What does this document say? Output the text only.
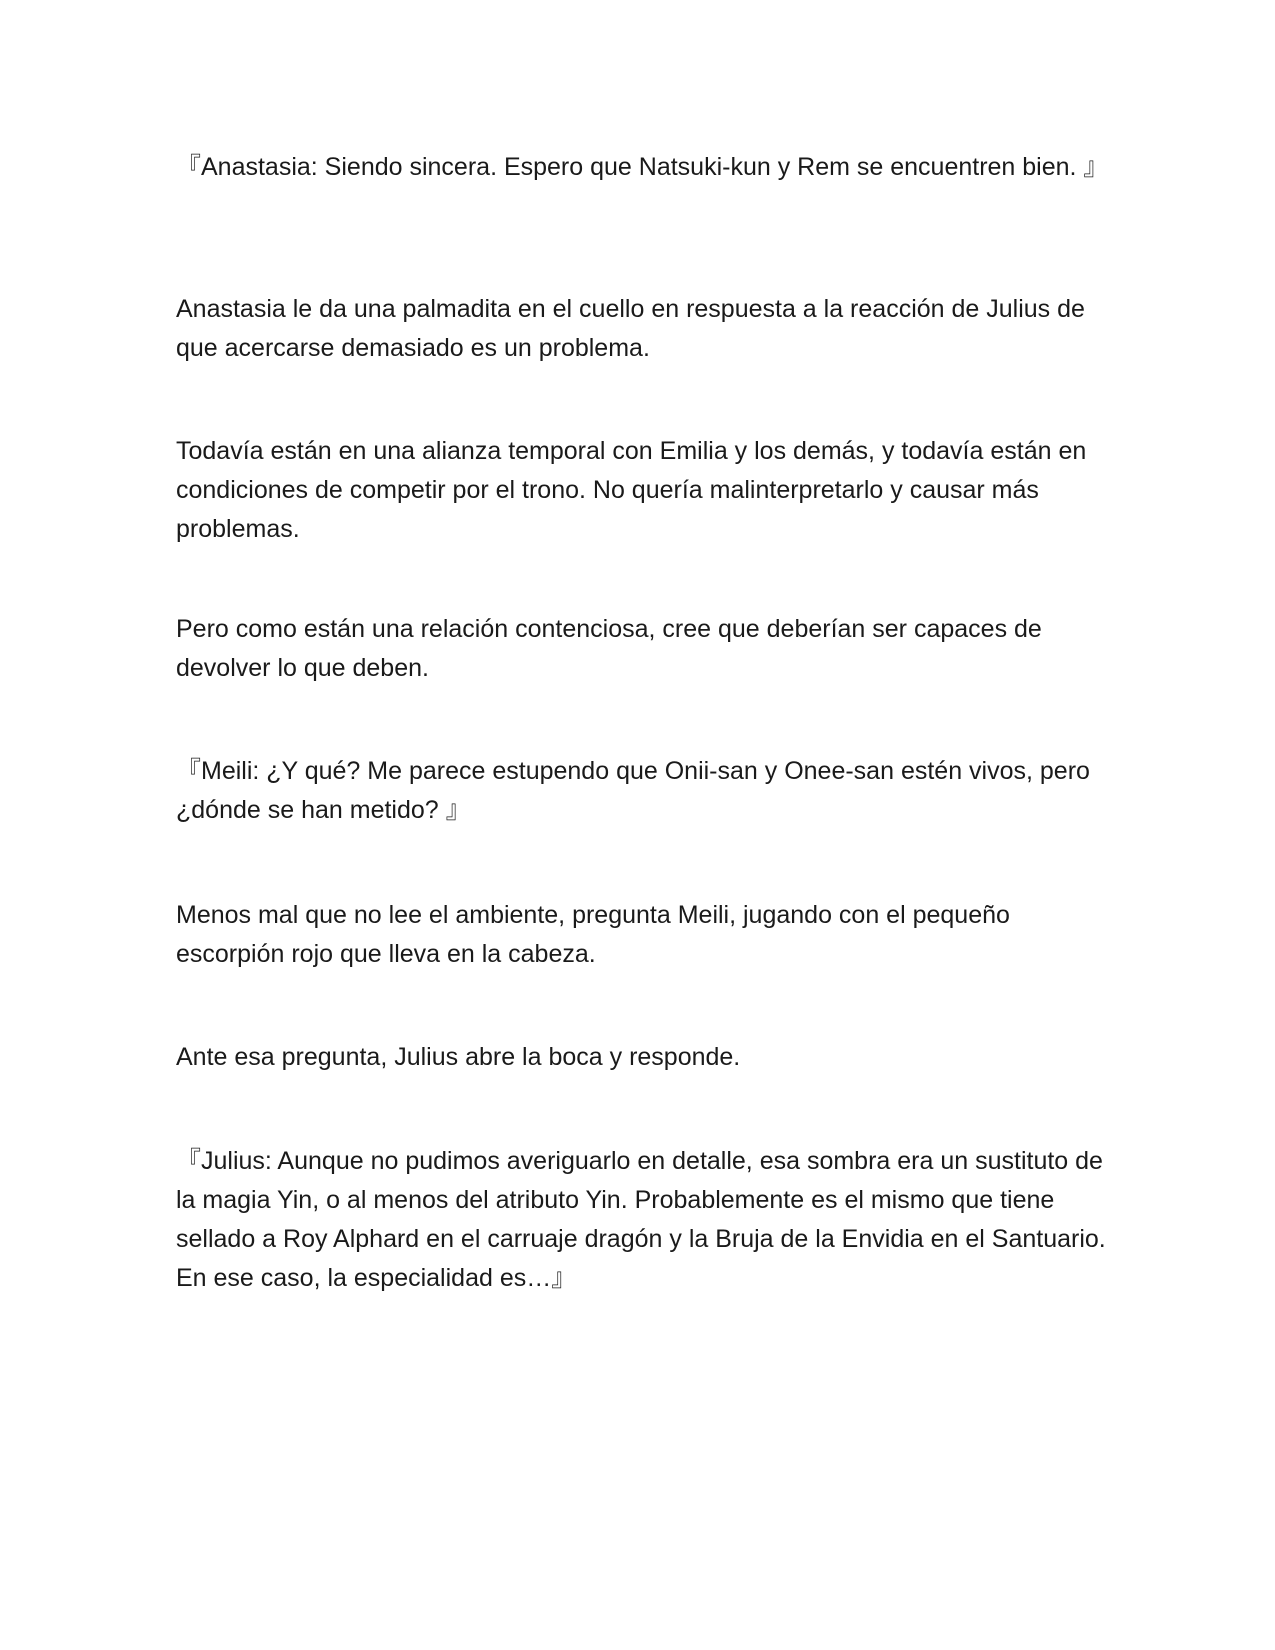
『Anastasia: Siendo sincera. Espero que Natsuki-kun y Rem se encuentren bien. 』

Anastasia le da una palmadita en el cuello en respuesta a la reacción de Julius de que acercarse demasiado es un problema.

Todavía están en una alianza temporal con Emilia y los demás, y todavía están en condiciones de competir por el trono. No quería malinterpretarlo y causar más problemas.

Pero como están una relación contenciosa, cree que deberían ser capaces de devolver lo que deben.

『Meili: ¿Y qué? Me parece estupendo que Onii-san y Onee-san estén vivos, pero ¿dónde se han metido? 』

Menos mal que no lee el ambiente, pregunta Meili, jugando con el pequeño escorpión rojo que lleva en la cabeza.

Ante esa pregunta, Julius abre la boca y responde.

『Julius: Aunque no pudimos averiguarlo en detalle, esa sombra era un sustituto de la magia Yin, o al menos del atributo Yin. Probablemente es el mismo que tiene sellado a Roy Alphard en el carruaje dragón y la Bruja de la Envidia en el Santuario. En ese caso, la especialidad es…』
